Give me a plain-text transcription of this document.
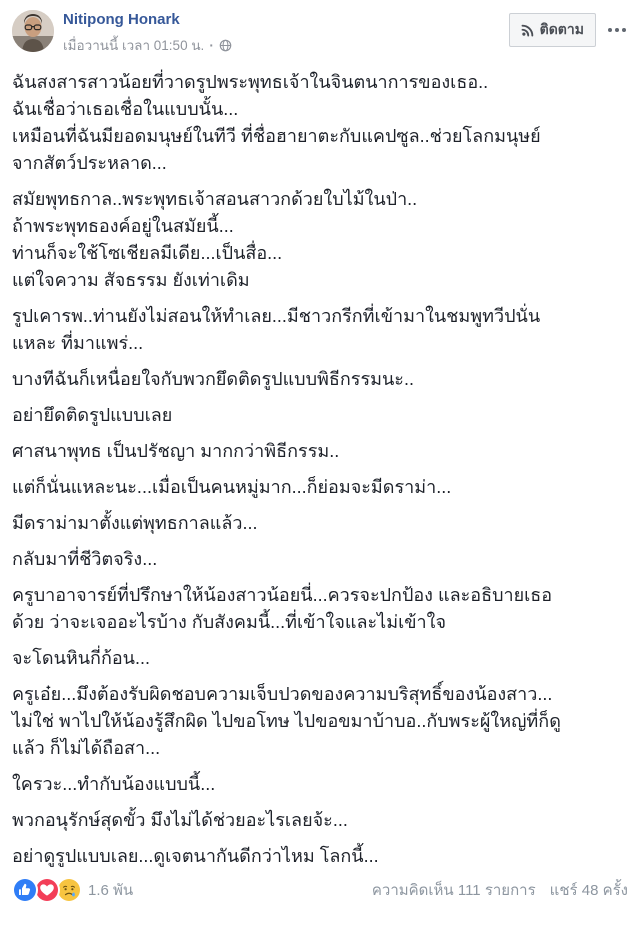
Nitipong Honark
เมื่อวานนี้ เวลา 01:50 น. ·
ติดตาม
ฉันสงสารสาวน้อยที่วาดรูปพระพุทธเจ้าในจินตนาการของเธอ..
ฉันเชื่อว่าเธอเชื่อในแบบนั้น...
เหมือนที่ฉันมียอดมนุษย์ในทีวี ที่ชื่อฮายาตะกับแคปซูล..ช่วยโลกมนุษย์
จากสัตว์ประหลาด...
สมัยพุทธกาล..พระพุทธเจ้าสอนสาวกด้วยใบไม้ในป่า..
ถ้าพระพุทธองค์อยู่ในสมัยนี้...
ท่านก็จะใช้โซเชียลมีเดีย...เป็นสื่อ...
แต่ใจความ สัจธรรม ยังเท่าเดิม
รูปเคารพ..ท่านยังไม่สอนให้ทำเลย...มีชาวกรีกที่เข้ามาในชมพูทวีปนั่น
แหละ ที่มาแพร่...
บางทีฉันก็เหนื่อยใจกับพวกยึดติดรูปแบบพิธีกรรมนะ..
อย่ายึดติดรูปแบบเลย
ศาสนาพุทธ เป็นปรัชญา มากกว่าพิธีกรรม..
แต่ก็นั่นแหละนะ...เมื่อเป็นคนหมู่มาก...ก็ย่อมจะมีดราม่า...
มีดราม่ามาตั้งแต่พุทธกาลแล้ว...
กลับมาที่ชีวิตจริง...
ครูบาอาจารย์ที่ปรึกษาให้น้องสาวน้อยนี่...ควรจะปกป้อง และอธิบายเธอ
ด้วย ว่าจะเจออะไรบ้าง กับสังคมนี้...ที่เข้าใจและไม่เข้าใจ
จะโดนหินกี่ก้อน...
ครูเอ๋ย...มึงต้องรับผิดชอบความเจ็บปวดของความบริสุทธิ์ของน้องสาว...
ไม่ใช่ พาไปให้น้องรู้สึกผิด ไปขอโทษ ไปขอขมาบ้าบอ..กับพระผู้ใหญ่ที่ก็ดู
แล้ว ก็ไม่ได้ถือสา...
ใครวะ...ทำกับน้องแบบนี้...
พวกอนุรักษ์สุดขั้ว มึงไม่ได้ช่วยอะไรเลยจ้ะ...
อย่าดูรูปแบบเลย...ดูเจตนากันดีกว่าไหม โลกนี้...
1.6 พัน	ความคิดเห็น 111 รายการ แชร์ 48 ครั้ง
